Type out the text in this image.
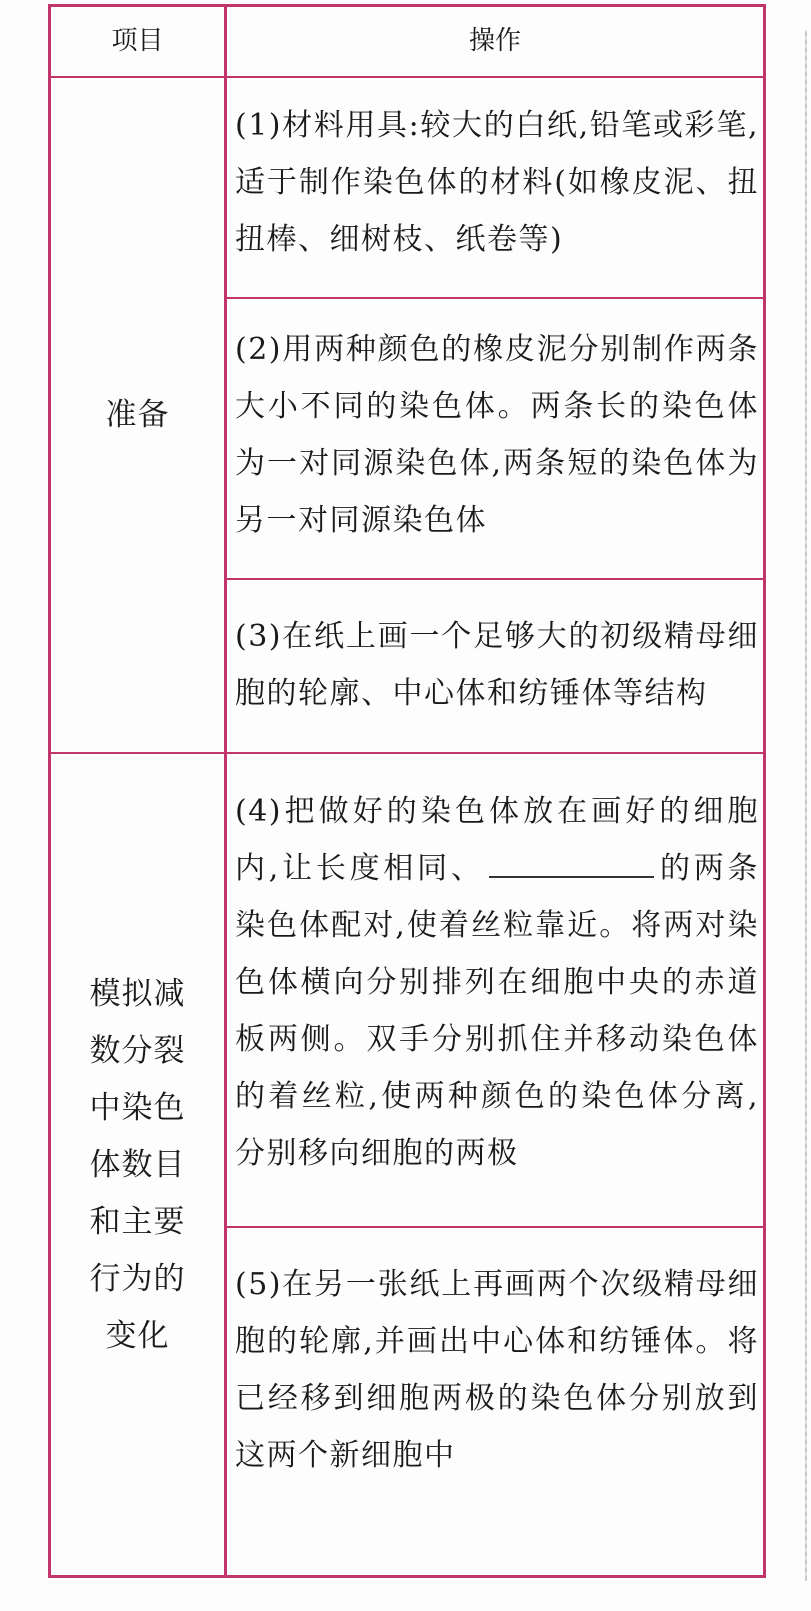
项目	操作
准备
(1)材料用具:较大的白纸,铅笔或彩笔,适于制作染色体的材料(如橡皮泥、扭扭棒、细树枝、纸卷等)
(2)用两种颜色的橡皮泥分别制作两条大小不同的染色体。两条长的染色体为一对同源染色体,两条短的染色体为另一对同源染色体
(3)在纸上画一个足够大的初级精母细胞的轮廓、中心体和纺锤体等结构
模拟减数分裂中染色体数目和主要行为的变化
(4)把做好的染色体放在画好的细胞内,让长度相同、	的两条染色体配对,使着丝粒靠近。将两对染色体横向分别排列在细胞中央的赤道板两侧。双手分别抓住并移动染色体的着丝粒,使两种颜色的染色体分离,分别移向细胞的两极
(5)在另一张纸上再画两个次级精母细胞的轮廓,并画出中心体和纺锤体。将已经移到细胞两极的染色体分别放到这两个新细胞中
